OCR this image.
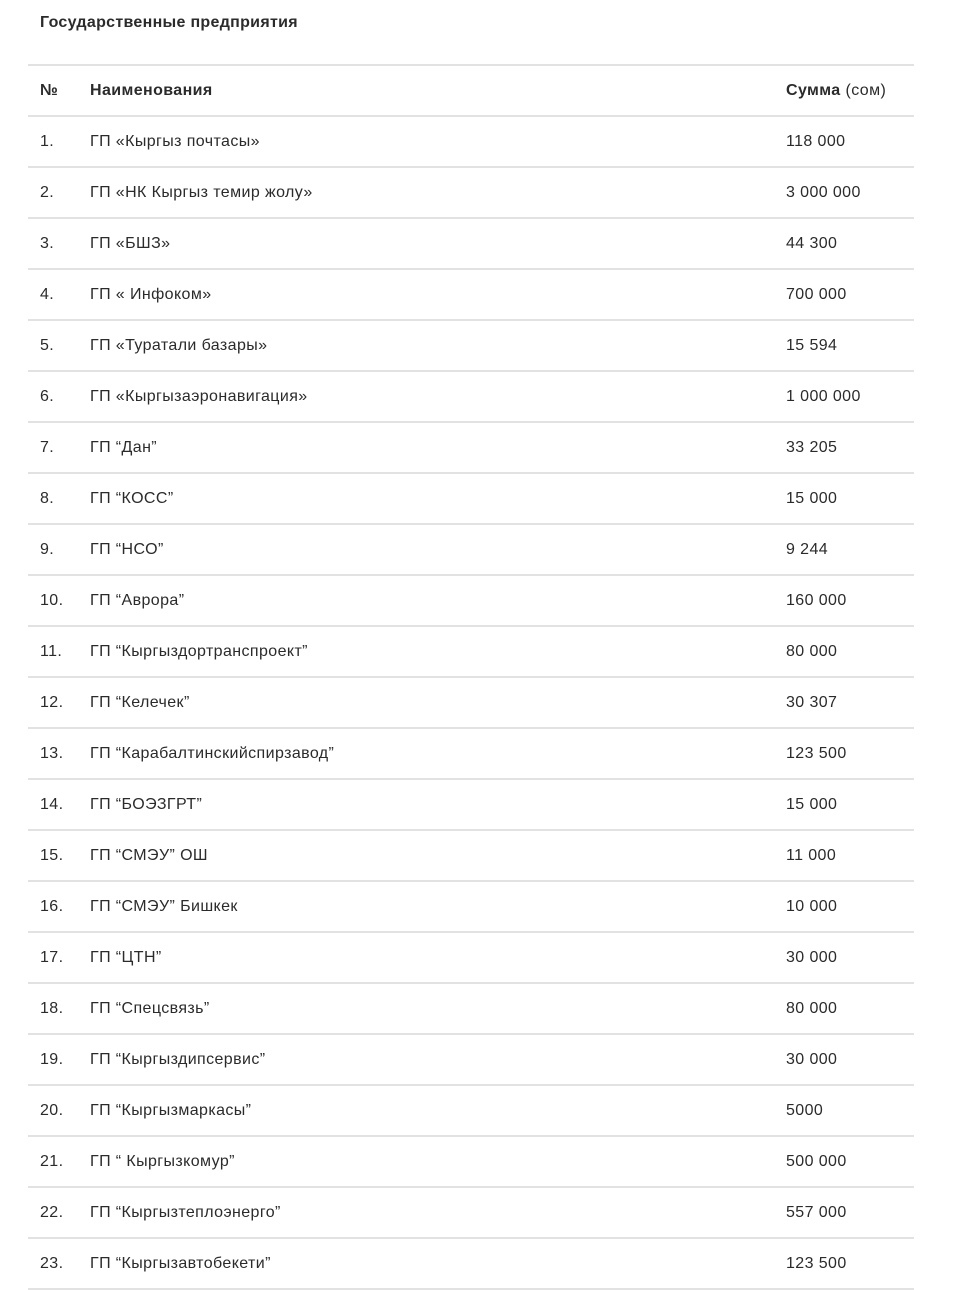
Государственные предприятия
№	Наименования	Сумма (сом)
1.	ГП «Кыргыз почтасы»	118 000
2.	ГП «НК Кыргыз темир жолу»	3 000 000
3.	ГП «БШЗ»	44 300
4.	ГП « Инфоком»	700 000
5.	ГП «Туратали базары»	15 594
6.	ГП «Кыргызаэронавигация»	1 000 000
7.	ГП “Дан”	33 205
8.	ГП “КОСС”	15 000
9.	ГП “НСО”	9 244
10.	ГП “Аврора”	160 000
11.	ГП “Кыргыздортранспроект”	80 000
12.	ГП “Келечек”	30 307
13.	ГП “Карабалтинскийспирзавод”	123 500
14.	ГП “БОЭЗГРТ”	15 000
15.	ГП “СМЭУ” ОШ	11 000
16.	ГП “СМЭУ” Бишкек	10 000
17.	ГП “ЦТН”	30 000
18.	ГП “Спецсвязь”	80 000
19.	ГП “Кыргыздипсервис”	30 000
20.	ГП “Кыргызмаркасы”	5000
21.	ГП “ Кыргызкомур”	500 000
22.	ГП “Кыргызтеплоэнерго”	557 000
23.	ГП “Кыргызавтобекети”	123 500
